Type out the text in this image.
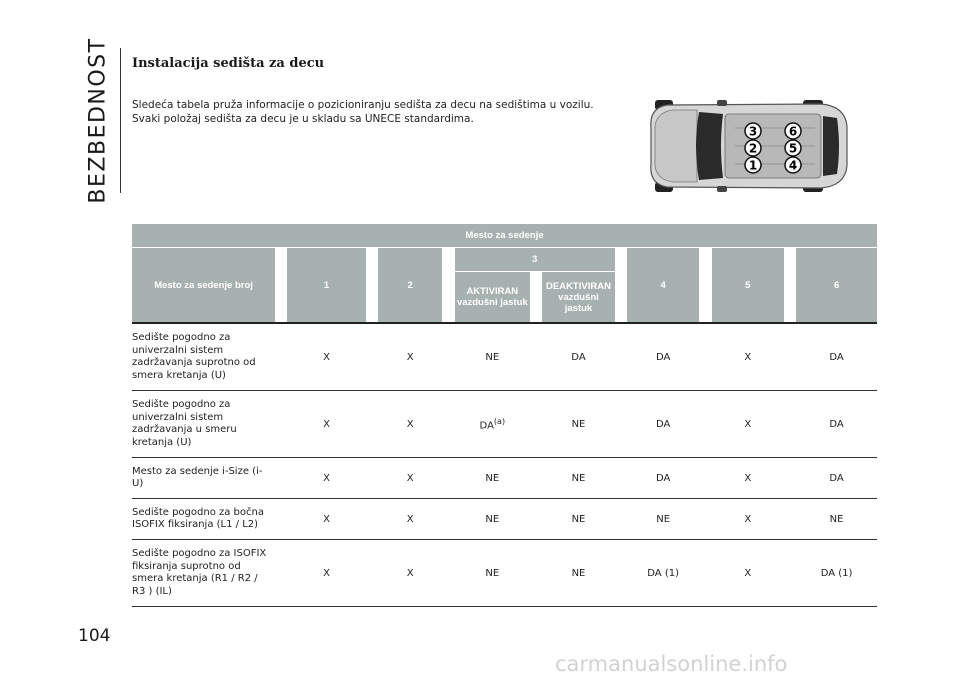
BEZBEDNOST Instalacija sedišta za decu

Sledeća tabela pruža informacije o pozicioniranju sedišta za decu na sedištima u vozilu. Svaki položaj sedišta za decu je u skladu sa UNECE standardima.

3	6
2	5
1	4
Mesto za sedenje														
Mesto za sedenje broj		1		2		3				4		5		6
						AKTIVIRAN vazdušni jastuk		DEAKTIVIRAN vazdušni jastuk						
Sedište pogodno za univerzalni sistem zadržavanja suprotno od smera kretanja (U)		X		X		NE		DA		DA		X		DA
Sedište pogodno za univerzalni sistem zadržavanja u smeru kretanja (U)		X		X		DA$^{(a)}$		NE		DA		X		DA
Mesto za sedenje i-Size (i-U)		X		X		NE		NE		DA		X		DA
Sedište pogodno za bočna ISOFIX fiksiranja (L1 / L2)		X		X		NE		NE		NE		X		NE
Sedište pogodno za ISOFIX fiksiranja suprotno od smera kretanja (R1 / R2 / R3 ) (IL)		X		X		NE		NE		DA (1)		X		DA (1)
104
carmanualsonline.info
